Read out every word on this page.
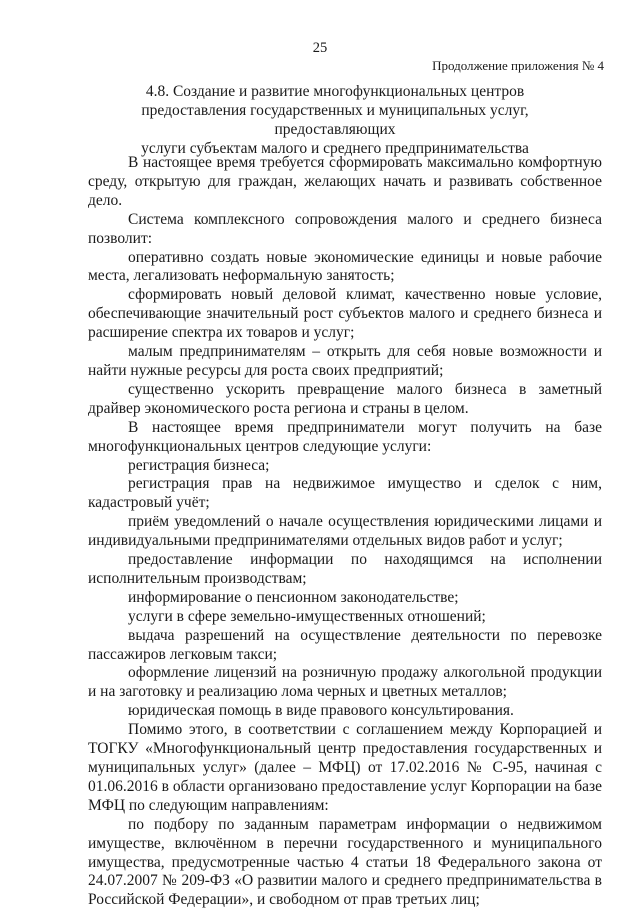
25
Продолжение приложения № 4
4.8. Создание и развитие многофункциональных центров
предоставления государственных и муниципальных услуг, предоставляющих
услуги субъектам малого и среднего предпринимательства

В настоящее время требуется сформировать максимально комфортную среду, открытую для граждан, желающих начать и развивать собственное дело.

Система комплексного сопровождения малого и среднего бизнеса позволит:

оперативно создать новые экономические единицы и новые рабочие места, легализовать неформальную занятость;

сформировать новый деловой климат, качественно новые условие, обеспечивающие значительный рост субъектов малого и среднего бизнеса и расширение спектра их товаров и услуг;

малым предпринимателям – открыть для себя новые возможности и найти нужные ресурсы для роста своих предприятий;

существенно ускорить превращение малого бизнеса в заметный драйвер экономического роста региона и страны в целом.

В настоящее время предприниматели могут получить на базе многофункциональных центров следующие услуги:

регистрация бизнеса;

регистрация прав на недвижимое имущество и сделок с ним, кадастровый учёт;

приём уведомлений о начале осуществления юридическими лицами и индивидуальными предпринимателями отдельных видов работ и услуг;

предоставление информации по находящимся на исполнении исполнительным производствам;

информирование о пенсионном законодательстве;

услуги в сфере земельно-имущественных отношений;

выдача разрешений на осуществление деятельности по перевозке пассажиров легковым такси;

оформление лицензий на розничную продажу алкогольной продукции и на заготовку и реализацию лома черных и цветных металлов;

юридическая помощь в виде правового консультирования.

Помимо этого, в соответствии с соглашением между Корпорацией и ТОГКУ «Многофункциональный центр предоставления государственных и муниципальных услуг» (далее – МФЦ) от 17.02.2016 № С-95, начиная с 01.06.2016 в области организовано предоставление услуг Корпорации на базе МФЦ по следующим направлениям:

по подбору по заданным параметрам информации о недвижимом имуществе, включённом в перечни государственного и муниципального имущества, предусмотренные частью 4 статьи 18 Федерального закона от 24.07.2007 № 209-ФЗ «О развитии малого и среднего предпринимательства в Российской Федерации», и свободном от прав третьих лиц;
